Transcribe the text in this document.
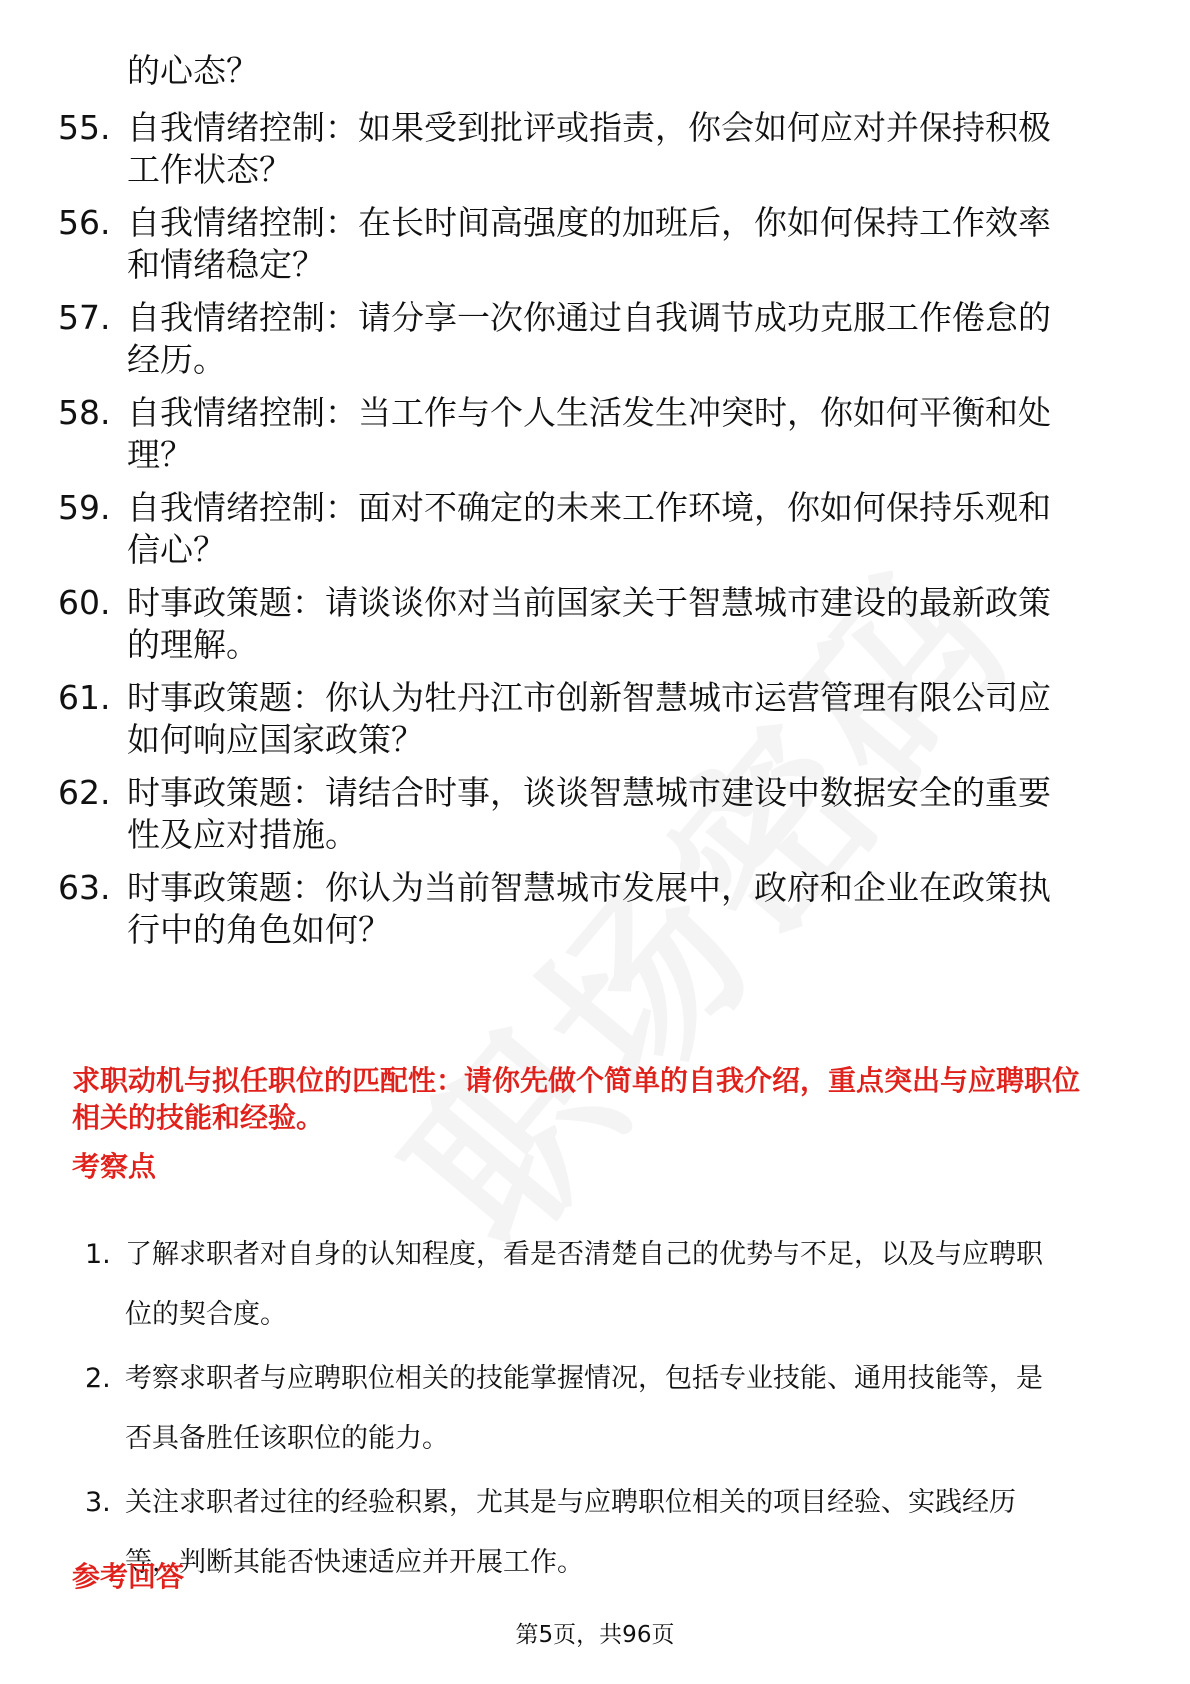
的心态？
55. 自我情绪控制：如果受到批评或指责，你会如何应对并保持积极
工作状态？
56. 自我情绪控制：在长时间高强度的加班后，你如何保持工作效率
和情绪稳定？
57. 自我情绪控制：请分享一次你通过自我调节成功克服工作倦怠的
经历。
58. 自我情绪控制：当工作与个人生活发生冲突时，你如何平衡和处
理？
59. 自我情绪控制：面对不确定的未来工作环境，你如何保持乐观和
信心？
60. 时事政策题：请谈谈你对当前国家关于智慧城市建设的最新政策
的理解。
61. 时事政策题：你认为牡丹江市创新智慧城市运营管理有限公司应
如何响应国家政策？
62. 时事政策题：请结合时事，谈谈智慧城市建设中数据安全的重要
性及应对措施。
63. 时事政策题：你认为当前智慧城市发展中，政府和企业在政策执
行中的角色如何？
求职动机与拟任职位的匹配性：请你先做个简单的自我介绍，重点突出与应聘职位
相关的技能和经验。
考察点
1. 了解求职者对自身的认知程度，看是否清楚自己的优势与不足，以及与应聘职
位的契合度。
2. 考察求职者与应聘职位相关的技能掌握情况，包括专业技能、通用技能等，是
否具备胜任该职位的能力。
3. 关注求职者过往的经验积累，尤其是与应聘职位相关的项目经验、实践经历
等，判断其能否快速适应并开展工作。
参考回答
第5页，共96页
